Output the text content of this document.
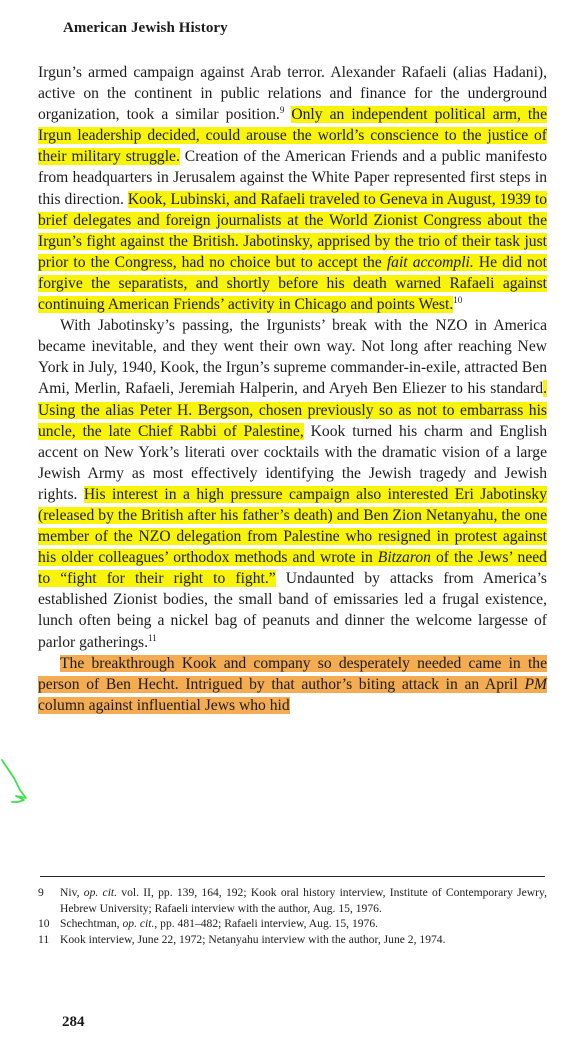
American Jewish History

Irgun’s armed campaign against Arab terror. Alexander Rafaeli (alias Hadani), active on the continent in public relations and finance for the underground organization, took a similar position.$^9$ Only an independent political arm, the Irgun leadership decided, could arouse the world’s conscience to the justice of their military struggle. Creation of the American Friends and a public manifesto from headquarters in Jerusalem against the White Paper represented first steps in this direction. Kook, Lubinski, and Rafaeli traveled to Geneva in August, 1939 to brief delegates and foreign journalists at the World Zionist Congress about the Irgun’s fight against the British. Jabotinsky, apprised by the trio of their task just prior to the Congress, had no choice but to accept the fait accompli. He did not forgive the separatists, and shortly before his death warned Rafaeli against continuing American Friends’ activity in Chicago and points West.$^{10}$

With Jabotinsky’s passing, the Irgunists’ break with the NZO in America became inevitable, and they went their own way. Not long after reaching New York in July, 1940, Kook, the Irgun’s supreme commander-in-exile, attracted Ben Ami, Merlin, Rafaeli, Jeremiah Halperin, and Aryeh Ben Eliezer to his standard. Using the alias Peter H. Bergson, chosen previously so as not to embarrass his uncle, the late Chief Rabbi of Palestine, Kook turned his charm and English accent on New York’s literati over cocktails with the dramatic vision of a large Jewish Army as most effectively identifying the Jewish tragedy and Jewish rights. His interest in a high pressure campaign also interested Eri Jabotinsky (released by the British after his father’s death) and Ben Zion Netanyahu, the one member of the NZO delegation from Palestine who resigned in protest against his older colleagues’ orthodox methods and wrote in Bitzaron of the Jews’ need to “fight for their right to fight.” Undaunted by attacks from America’s established Zionist bodies, the small band of emissaries led a frugal existence, lunch often being a nickel bag of peanuts and dinner the welcome largesse of parlor gatherings.$^{11}$

The breakthrough Kook and company so desperately needed came in the person of Ben Hecht. Intrigued by that author’s biting attack in an April PM column against influential Jews who hid

9	Niv, op. cit. vol. II, pp. 139, 164, 192; Kook oral history interview, Institute of Contemporary Jewry, Hebrew University; Rafaeli interview with the author, Aug. 15, 1976.
10 Schechtman, op. cit., pp. 481–482; Rafaeli interview, Aug. 15, 1976.
11 Kook interview, June 22, 1972; Netanyahu interview with the author, June 2, 1974.
284
